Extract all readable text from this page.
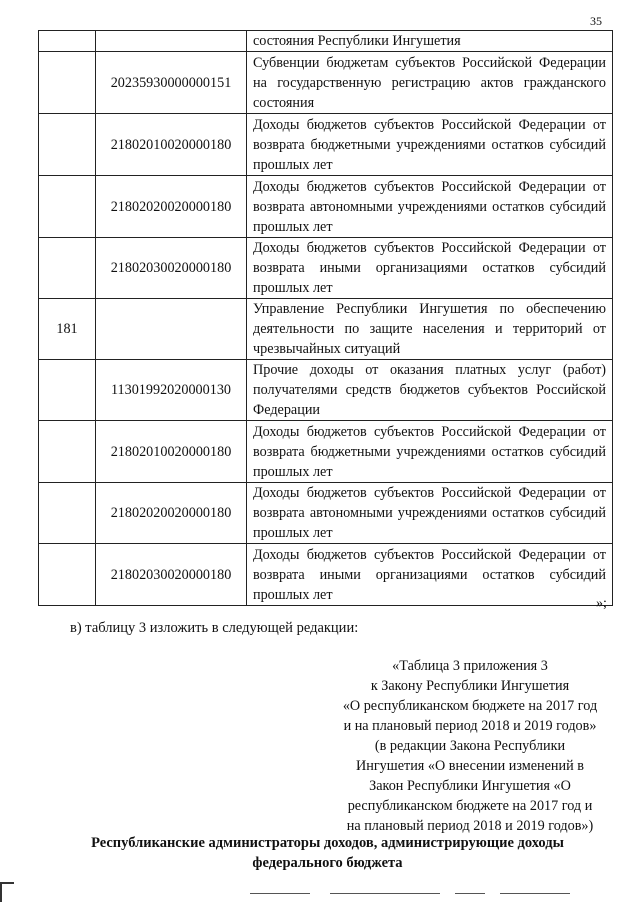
35
		состояния Республики Ингушетия
	20235930000000151	Субвенции бюджетам субъектов Российской Федерации на государственную регистрацию актов гражданского состояния
	21802010020000180	Доходы бюджетов субъектов Российской Федерации от возврата бюджетными учреждениями остатков субсидий прошлых лет
	21802020020000180	Доходы бюджетов субъектов Российской Федерации от возврата автономными учреждениями остатков субсидий прошлых лет
	21802030020000180	Доходы бюджетов субъектов Российской Федерации от возврата иными организациями остатков субсидий прошлых лет
181		Управление Республики Ингушетия по обеспечению деятельности по защите населения и территорий от чрезвычайных ситуаций
	11301992020000130	Прочие доходы от оказания платных услуг (работ) получателями средств бюджетов субъектов Российской Федерации
	21802010020000180	Доходы бюджетов субъектов Российской Федерации от возврата бюджетными учреждениями остатков субсидий прошлых лет
	21802020020000180	Доходы бюджетов субъектов Российской Федерации от возврата автономными учреждениями остатков субсидий прошлых лет
	21802030020000180	Доходы бюджетов субъектов Российской Федерации от возврата иными организациями остатков субсидий прошлых лет
»;
в) таблицу 3 изложить в следующей редакции:
«Таблица 3 приложения 3
к Закону Республики Ингушетия
«О республиканском бюджете на 2017 год и на плановый период 2018 и 2019 годов» (в редакции Закона Республики Ингушетия «О внесении изменений в Закон Республики Ингушетия «О республиканском бюджете на 2017 год и на плановый период 2018 и 2019 годов»)
Республиканские администраторы доходов, администрирующие доходы
федерального бюджета
